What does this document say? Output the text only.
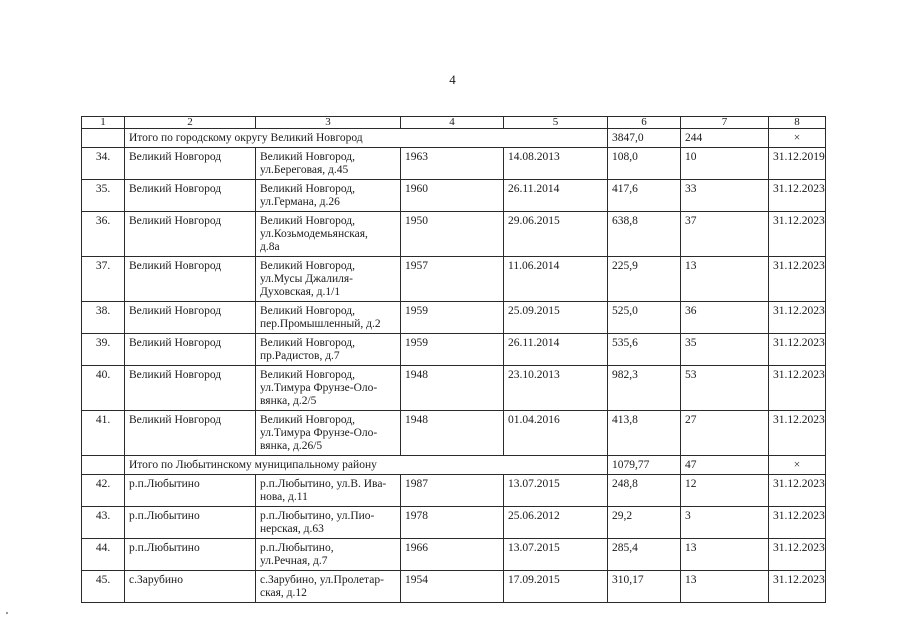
4
1	2	3	4	5	6	7	8
	Итого по городскому округу Великий Новгород				3847,0	244	×
34.	Великий Новгород	Великий Новгород,
ул.Береговая, д.45	1963	14.08.2013	108,0	10	31.12.2019
35.	Великий Новгород	Великий Новгород,
ул.Германа, д.26	1960	26.11.2014	417,6	33	31.12.2023
36.	Великий Новгород	Великий Новгород,
ул.Козьмодемьянская,
д.8а	1950	29.06.2015	638,8	37	31.12.2023
37.	Великий Новгород	Великий Новгород,
ул.Мусы Джалиля-
Духовская, д.1/1	1957	11.06.2014	225,9	13	31.12.2023
38.	Великий Новгород	Великий Новгород,
пер.Промышленный, д.2	1959	25.09.2015	525,0	36	31.12.2023
39.	Великий Новгород	Великий Новгород,
пр.Радистов, д.7	1959	26.11.2014	535,6	35	31.12.2023
40.	Великий Новгород	Великий Новгород,
ул.Тимура Фрунзе-Оло-
вянка, д.2/5	1948	23.10.2013	982,3	53	31.12.2023
41.	Великий Новгород	Великий Новгород,
ул.Тимура Фрунзе-Оло-
вянка, д.26/5	1948	01.04.2016	413,8	27	31.12.2023
	Итого по Любытинскому муниципальному району				1079,77	47	×
42.	р.п.Любытино	р.п.Любытино, ул.В. Ива-
нова, д.11	1987	13.07.2015	248,8	12	31.12.2023
43.	р.п.Любытино	р.п.Любытино, ул.Пио-
нерская, д.63	1978	25.06.2012	29,2	3	31.12.2023
44.	р.п.Любытино	р.п.Любытино,
ул.Речная, д.7	1966	13.07.2015	285,4	13	31.12.2023
45.	с.Зарубино	с.Зарубино, ул.Пролетар-
ская, д.12	1954	17.09.2015	310,17	13	31.12.2023
